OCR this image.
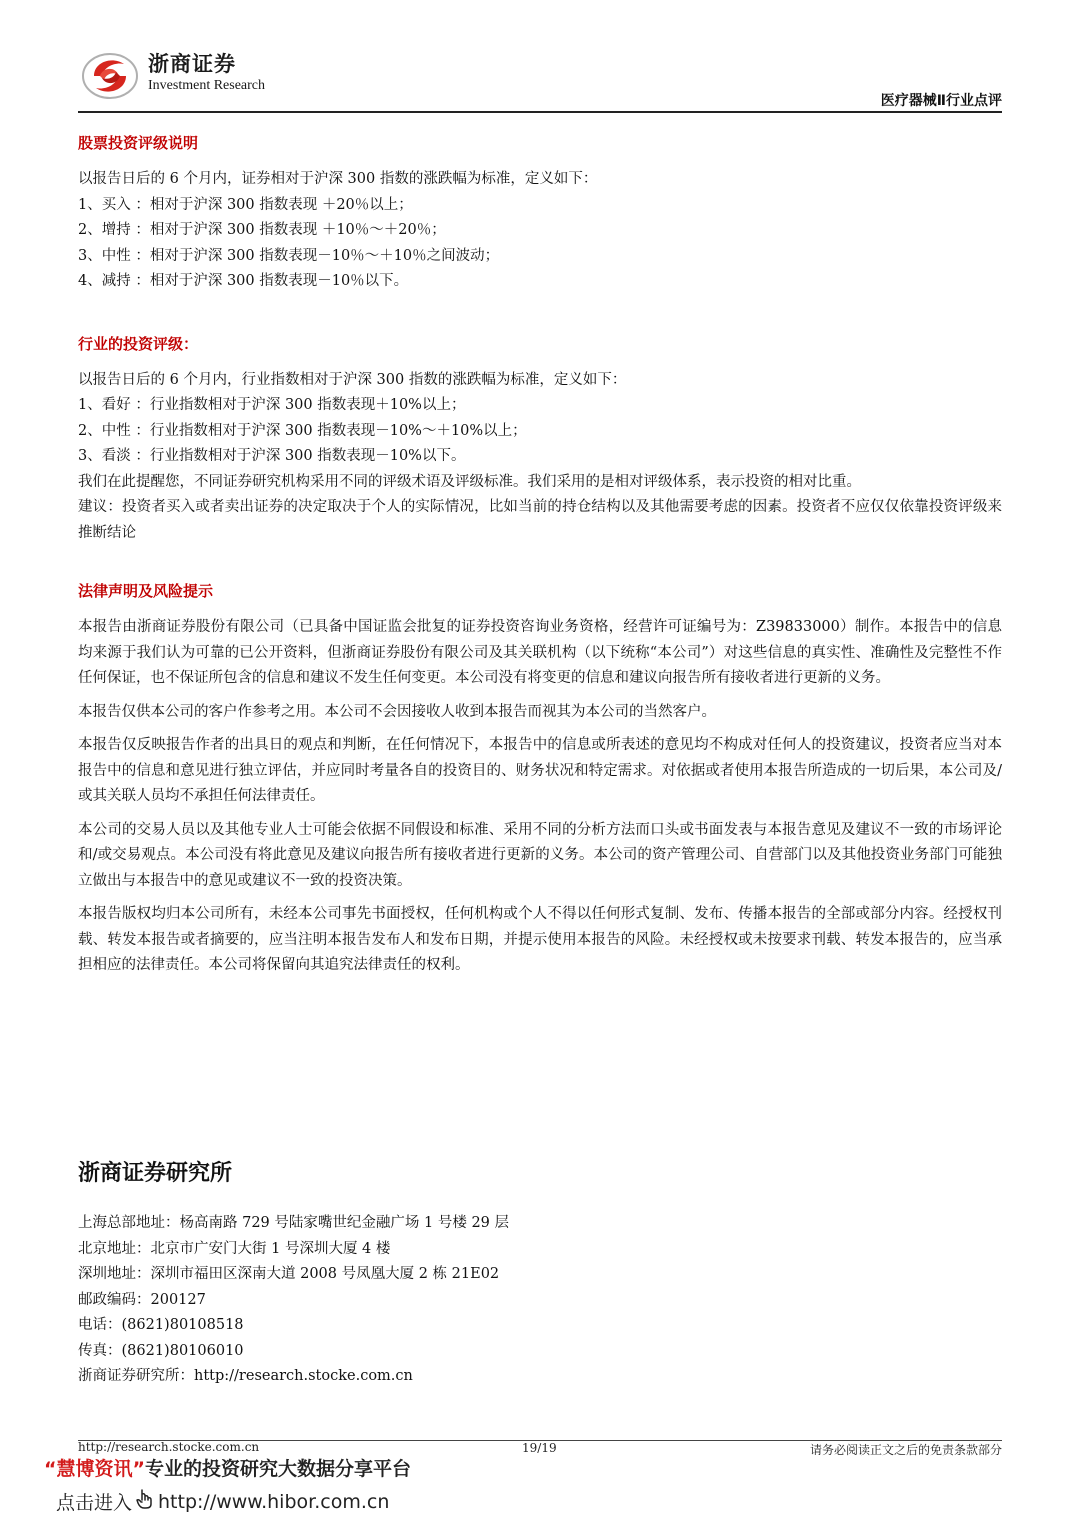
浙商证券
Investment Research
医疗器械Ⅱ行业点评
股票投资评级说明
以报告日后的 6 个月内，证券相对于沪深 300 指数的涨跌幅为标准，定义如下：
1、买入 ：相对于沪深 300 指数表现 ＋20％以上；
2、增持 ：相对于沪深 300 指数表现 ＋10％～＋20％；
3、中性 ：相对于沪深 300 指数表现－10％～＋10％之间波动；
4、减持 ：相对于沪深 300 指数表现－10％以下。
行业的投资评级：
以报告日后的 6 个月内，行业指数相对于沪深 300 指数的涨跌幅为标准，定义如下：
1、看好 ：行业指数相对于沪深 300 指数表现＋10%以上；
2、中性 ：行业指数相对于沪深 300 指数表现－10%～＋10%以上；
3、看淡 ：行业指数相对于沪深 300 指数表现－10%以下。
我们在此提醒您，不同证券研究机构采用不同的评级术语及评级标准。我们采用的是相对评级体系，表示投资的相对比重。
建议：投资者买入或者卖出证券的决定取决于个人的实际情况，比如当前的持仓结构以及其他需要考虑的因素。投资者不应仅仅依靠投资评级来推断结论
法律声明及风险提示
本报告由浙商证券股份有限公司（已具备中国证监会批复的证券投资咨询业务资格，经营许可证编号为：Z39833000）制作。本报告中的信息均来源于我们认为可靠的已公开资料，但浙商证券股份有限公司及其关联机构（以下统称“本公司”）对这些信息的真实性、准确性及完整性不作任何保证，也不保证所包含的信息和建议不发生任何变更。本公司没有将变更的信息和建议向报告所有接收者进行更新的义务。
本报告仅供本公司的客户作参考之用。本公司不会因接收人收到本报告而视其为本公司的当然客户。
本报告仅反映报告作者的出具日的观点和判断，在任何情况下，本报告中的信息或所表述的意见均不构成对任何人的投资建议，投资者应当对本报告中的信息和意见进行独立评估，并应同时考量各自的投资目的、财务状况和特定需求。对依据或者使用本报告所造成的一切后果，本公司及/或其关联人员均不承担任何法律责任。
本公司的交易人员以及其他专业人士可能会依据不同假设和标准、采用不同的分析方法而口头或书面发表与本报告意见及建议不一致的市场评论和/或交易观点。本公司没有将此意见及建议向报告所有接收者进行更新的义务。本公司的资产管理公司、自营部门以及其他投资业务部门可能独立做出与本报告中的意见或建议不一致的投资决策。
本报告版权均归本公司所有，未经本公司事先书面授权，任何机构或个人不得以任何形式复制、发布、传播本报告的全部或部分内容。经授权刊载、转发本报告或者摘要的，应当注明本报告发布人和发布日期，并提示使用本报告的风险。未经授权或未按要求刊载、转发本报告的，应当承担相应的法律责任。本公司将保留向其追究法律责任的权利。
浙商证券研究所
上海总部地址：杨高南路 729 号陆家嘴世纪金融广场 1 号楼 29 层
北京地址：北京市广安门大街 1 号深圳大厦 4 楼
深圳地址：深圳市福田区深南大道 2008 号凤凰大厦 2 栋 21E02
邮政编码：200127
电话：(8621)80108518
传真：(8621)80106010
浙商证券研究所：http://research.stocke.com.cn
http://research.stocke.com.cn	19/19	请务必阅读正文之后的免责条款部分
“慧博资讯”专业的投资研究大数据分享平台
点击进入 http://www.hibor.com.cn
